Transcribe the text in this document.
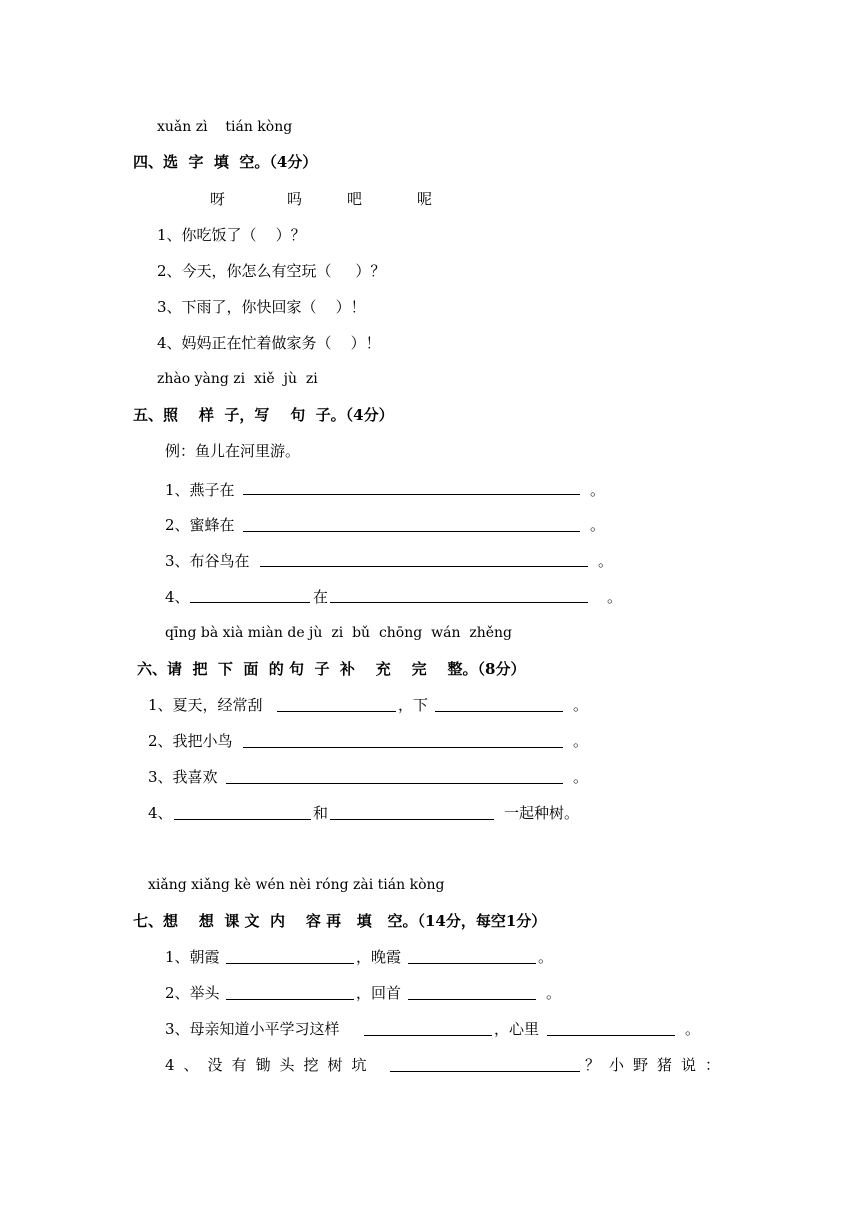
xuǎn zì    tián kòng
四、选  字  填  空。（4分）
呀	吗	吧	呢
1、你吃饭了（    ）？
2、今天，你怎么有空玩（     ）？
3、下雨了，你快回家（    ）！
4、妈妈正在忙着做家务（    ）！
zhào yàng zi  xiě  jù  zi
五、照    样  子，写    句  子。（4分）
例：鱼儿在河里游。
1、燕子在	。
2、蜜蜂在	。
3、布谷鸟在	。
4、	在	。
qīng bà xià miàn de jù  zi  bǔ  chōng  wán  zhěng
六、请  把  下  面  的 句  子  补    充    完    整。（8分）
1、夏天，经常刮	，下	。
2、我把小鸟	。
3、我喜欢	。
4、	和	一起种树。
xiǎng xiǎng kè wén nèi róng zài tián kòng
七、想    想  课 文  内    容 再   填   空。（14分，每空1分）
1、朝霞	，晚霞	。
2、举头	，回首	。
3、母亲知道小平学习这样	，心里	。
4、没有锄头挖树坑	？小野猪说：
